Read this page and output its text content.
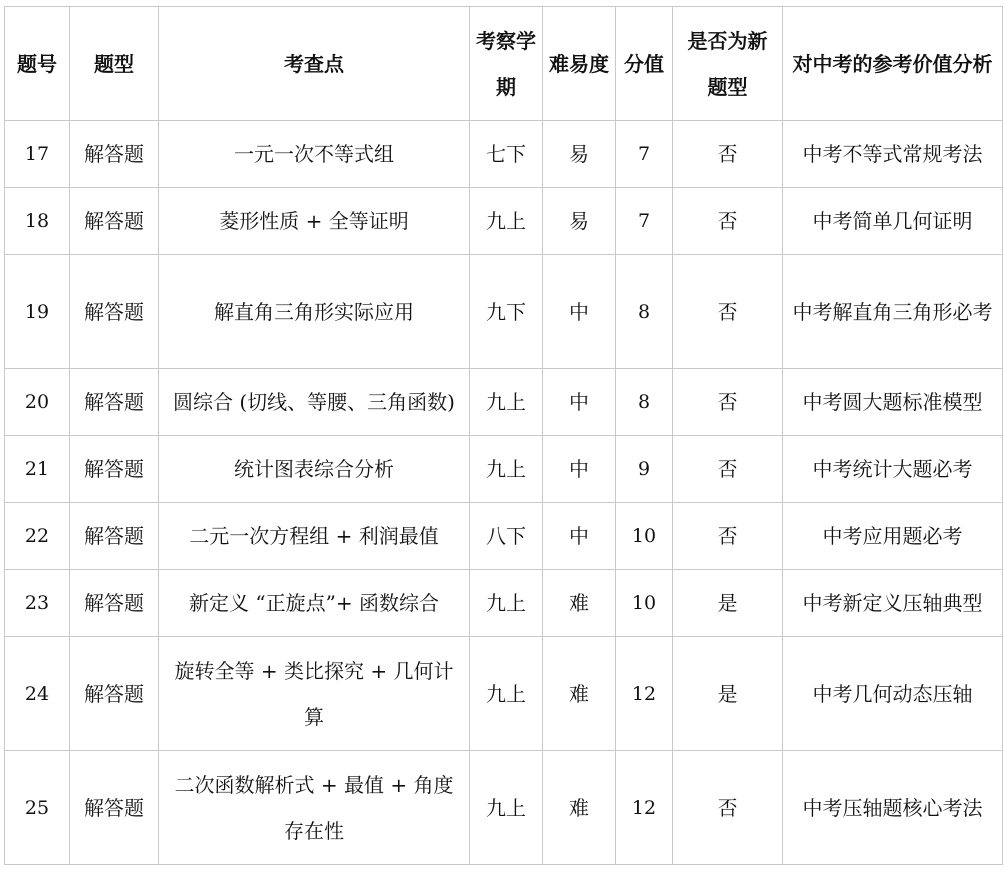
题号	题型	考查点	考察学期	难易度	分值	是否为新题型	对中考的参考价值分析
17	解答题	一元一次不等式组	七下	易	7	否	中考不等式常规考法
18	解答题	菱形性质 + 全等证明	九上	易	7	否	中考简单几何证明
19	解答题	解直角三角形实际应用	九下	中	8	否	中考解直角三角形必考
20	解答题	圆综合 (切线、等腰、三角函数)	九上	中	8	否	中考圆大题标准模型
21	解答题	统计图表综合分析	九上	中	9	否	中考统计大题必考
22	解答题	二元一次方程组 + 利润最值	八下	中	10	否	中考应用题必考
23	解答题	新定义 “正旋点”+ 函数综合	九上	难	10	是	中考新定义压轴典型
24	解答题	旋转全等 + 类比探究 + 几何计算	九上	难	12	是	中考几何动态压轴
25	解答题	二次函数解析式 + 最值 + 角度存在性	九上	难	12	否	中考压轴题核心考法
